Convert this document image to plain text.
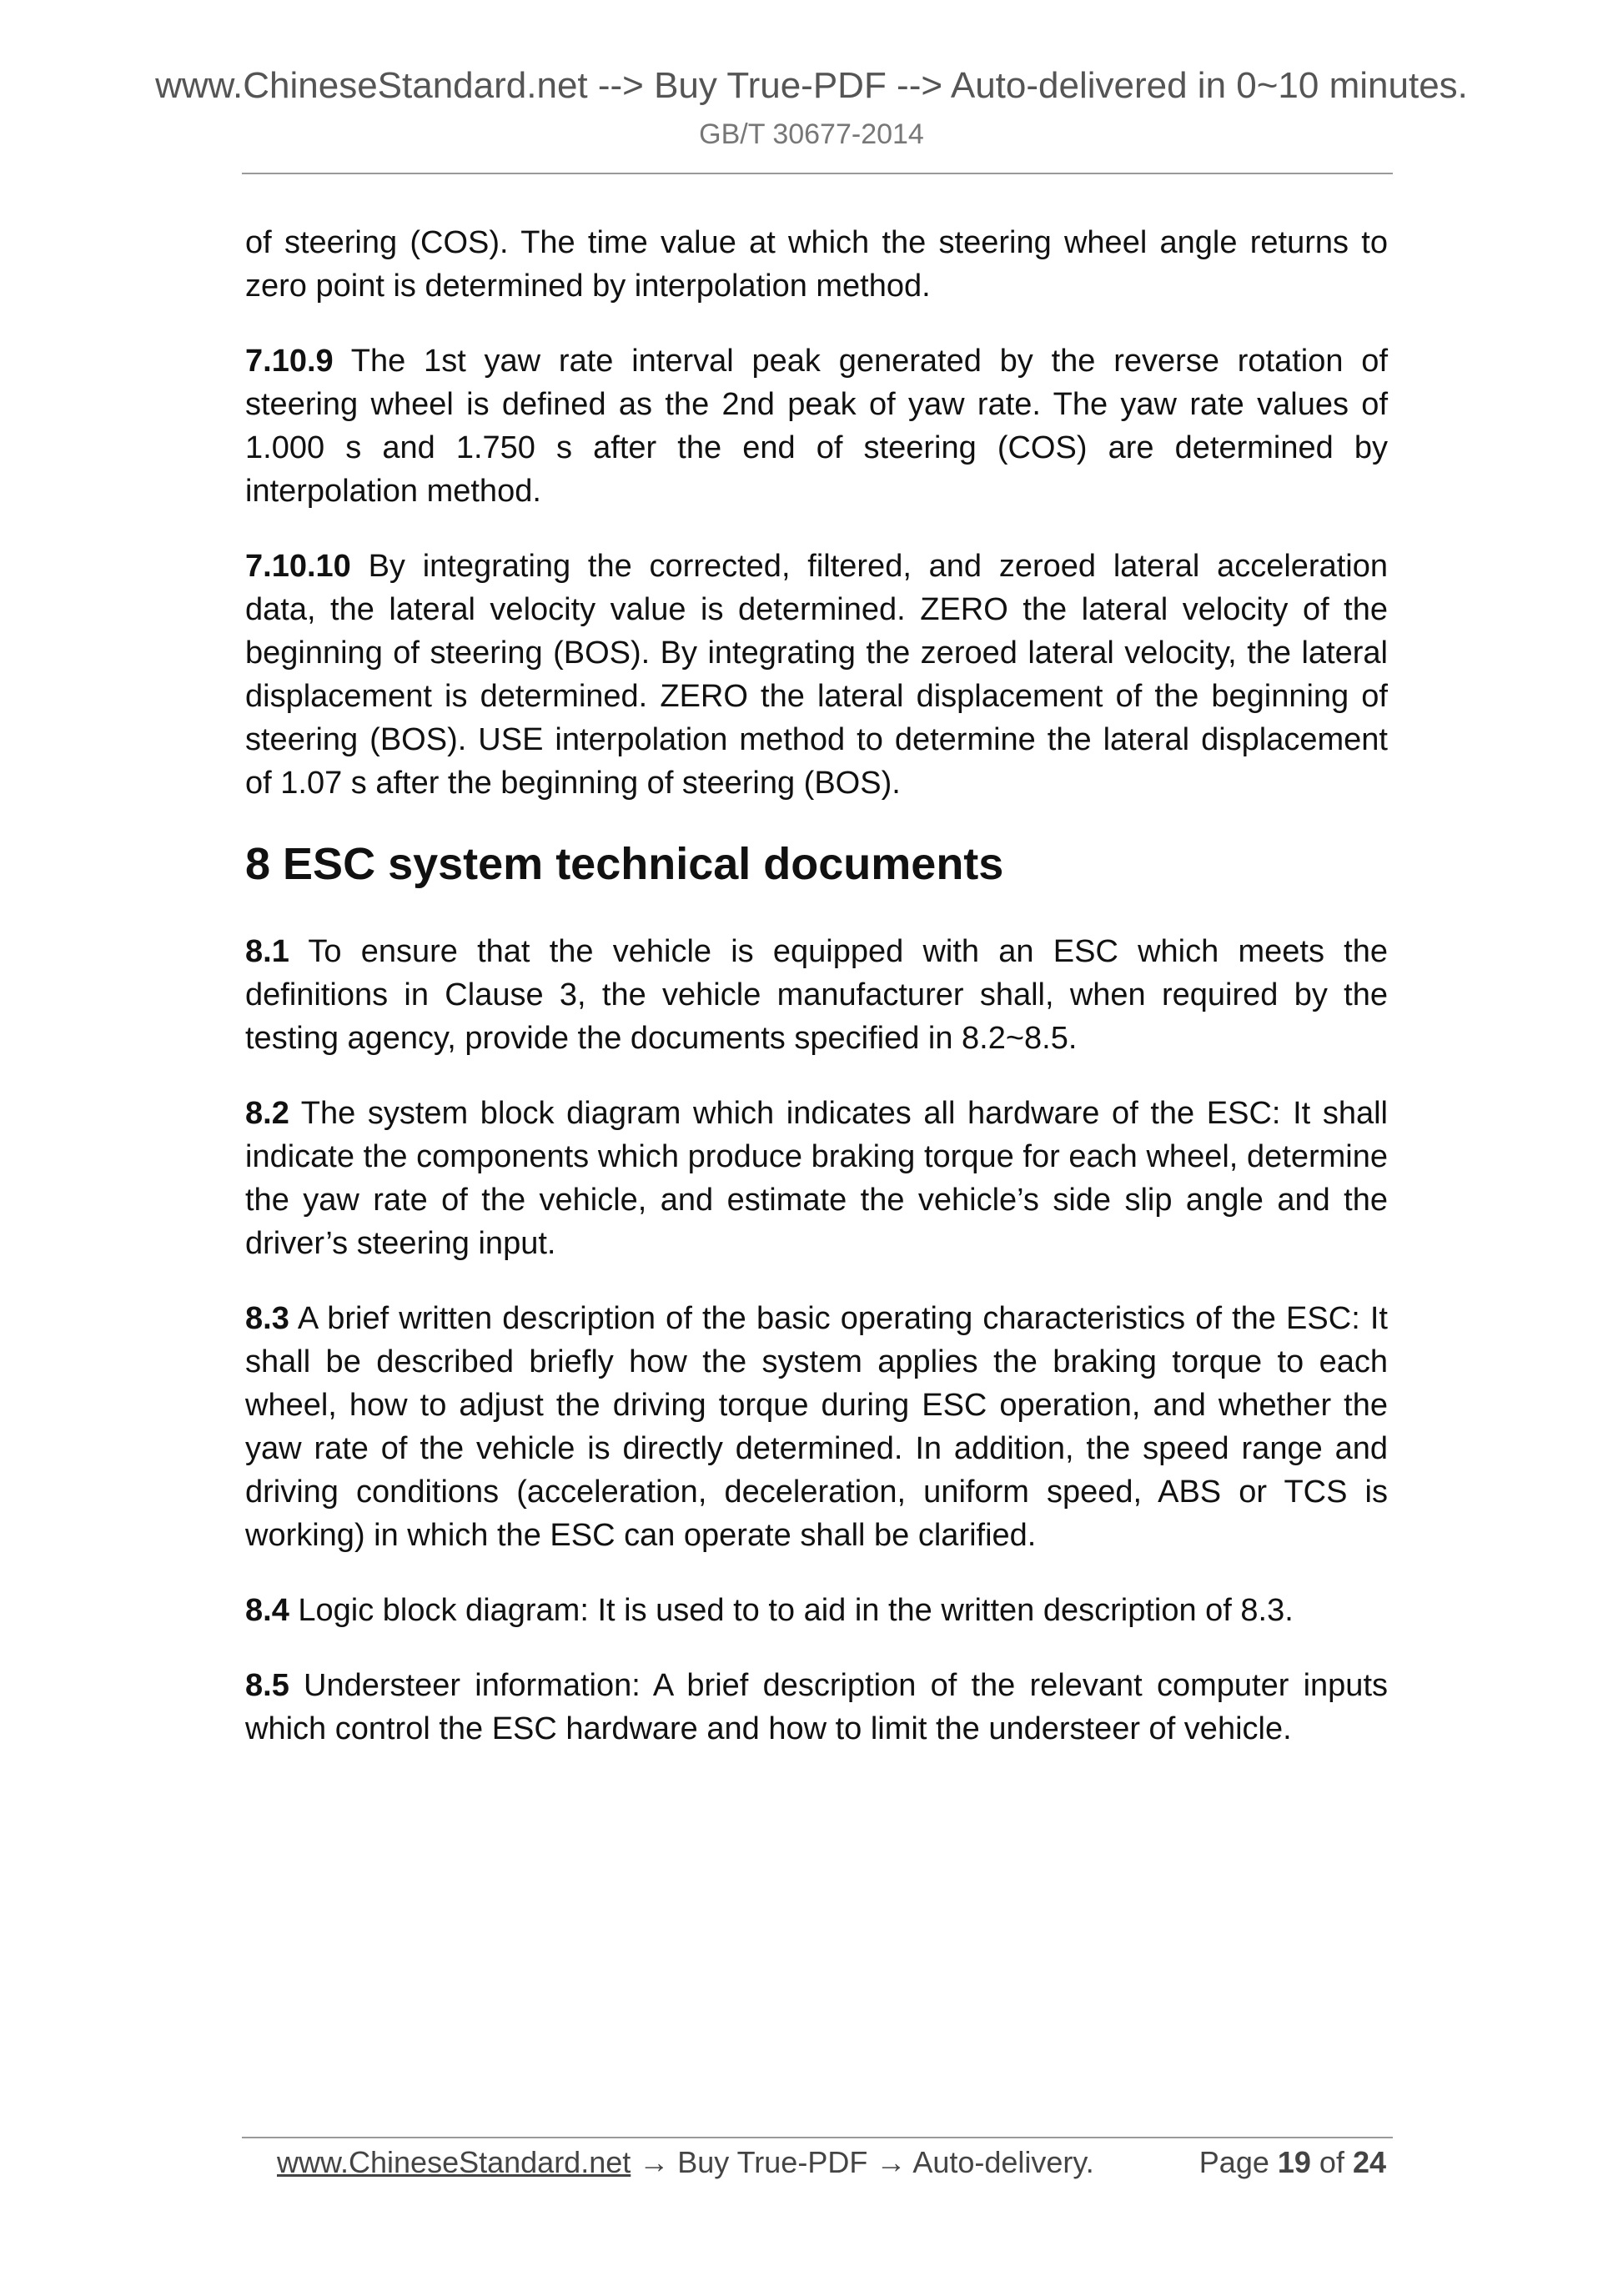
www.ChineseStandard.net --> Buy True-PDF --> Auto-delivered in 0~10 minutes.
GB/T 30677-2014

of steering (COS). The time value at which the steering wheel angle returns to zero point is determined by interpolation method.

7.10.9 The 1st yaw rate interval peak generated by the reverse rotation of steering wheel is defined as the 2nd peak of yaw rate. The yaw rate values of 1.000 s and 1.750 s after the end of steering (COS) are determined by interpolation method.

7.10.10 By integrating the corrected, filtered, and zeroed lateral acceleration data, the lateral velocity value is determined. ZERO the lateral velocity of the beginning of steering (BOS). By integrating the zeroed lateral velocity, the lateral displacement is determined. ZERO the lateral displacement of the beginning of steering (BOS). USE interpolation method to determine the lateral displacement of 1.07 s after the beginning of steering (BOS).

8 ESC system technical documents

8.1 To ensure that the vehicle is equipped with an ESC which meets the definitions in Clause 3, the vehicle manufacturer shall, when required by the testing agency, provide the documents specified in 8.2~8.5.

8.2 The system block diagram which indicates all hardware of the ESC: It shall indicate the components which produce braking torque for each wheel, determine the yaw rate of the vehicle, and estimate the vehicle’s side slip angle and the driver’s steering input.

8.3 A brief written description of the basic operating characteristics of the ESC: It shall be described briefly how the system applies the braking torque to each wheel, how to adjust the driving torque during ESC operation, and whether the yaw rate of the vehicle is directly determined. In addition, the speed range and driving conditions (acceleration, deceleration, uniform speed, ABS or TCS is working) in which the ESC can operate shall be clarified.

8.4 Logic block diagram: It is used to to aid in the written description of 8.3.

8.5 Understeer information: A brief description of the relevant computer inputs which control the ESC hardware and how to limit the understeer of vehicle.

www.ChineseStandard.net → Buy True-PDF → Auto-delivery.	Page 19 of 24
